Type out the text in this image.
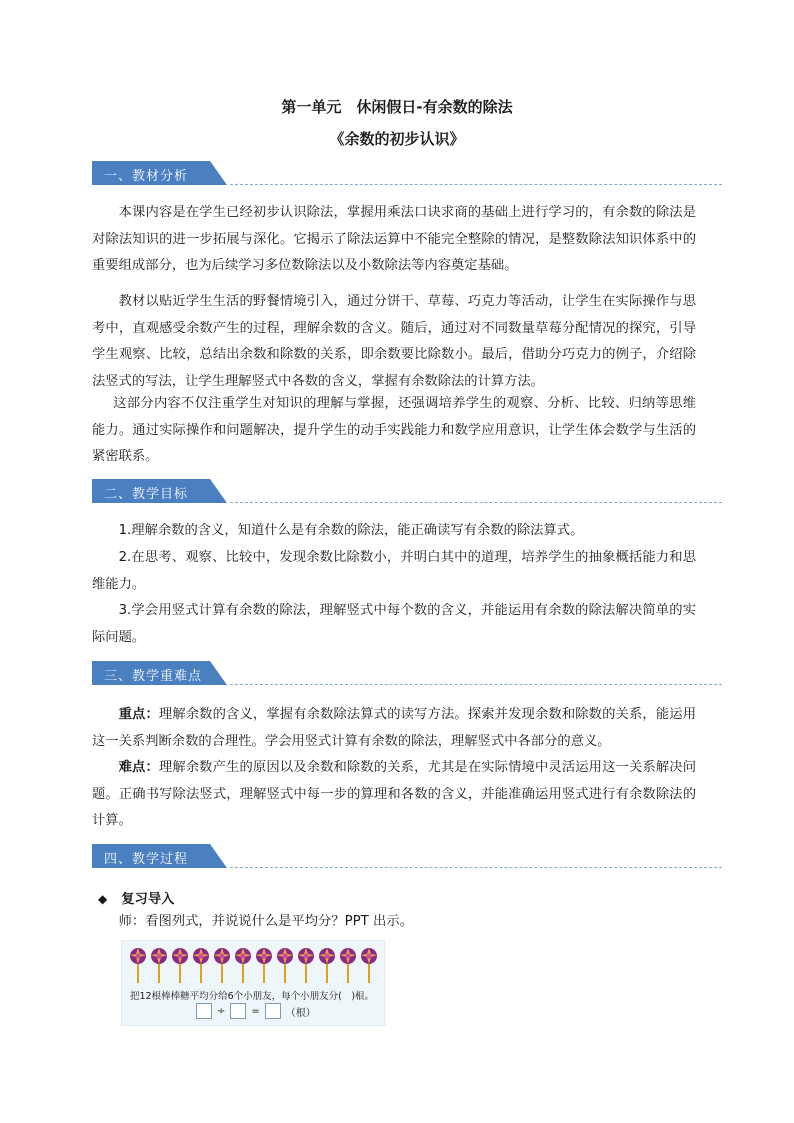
第一单元　休闲假日-有余数的除法
《余数的初步认识》
一、教材分析

本课内容是在学生已经初步认识除法，掌握用乘法口诀求商的基础上进行学习的，有余数的除法是对除法知识的进一步拓展与深化。它揭示了除法运算中不能完全整除的情况，是整数除法知识体系中的重要组成部分，也为后续学习多位数除法以及小数除法等内容奠定基础。

教材以贴近学生生活的野餐情境引入，通过分饼干、草莓、巧克力等活动，让学生在实际操作与思考中，直观感受余数产生的过程，理解余数的含义。随后，通过对不同数量草莓分配情况的探究，引导学生观察、比较，总结出余数和除数的关系，即余数要比除数小。最后，借助分巧克力的例子，介绍除法竖式的写法，让学生理解竖式中各数的含义，掌握有余数除法的计算方法。

这部分内容不仅注重学生对知识的理解与掌握，还强调培养学生的观察、分析、比较、归纳等思维能力。通过实际操作和问题解决，提升学生的动手实践能力和数学应用意识，让学生体会数学与生活的紧密联系。

二、教学目标

1.理解余数的含义，知道什么是有余数的除法，能正确读写有余数的除法算式。

2.在思考、观察、比较中，发现余数比除数小，并明白其中的道理，培养学生的抽象概括能力和思维能力。

3.学会用竖式计算有余数的除法，理解竖式中每个数的含义，并能运用有余数的除法解决简单的实际问题。

三、教学重难点

重点：理解余数的含义，掌握有余数除法算式的读写方法。探索并发现余数和除数的关系，能运用这一关系判断余数的合理性。学会用竖式计算有余数的除法，理解竖式中各部分的意义。

难点：理解余数产生的原因以及余数和除数的关系，尤其是在实际情境中灵活运用这一关系解决问题。正确书写除法竖式，理解竖式中每一步的算理和各数的含义，并能准确运用竖式进行有余数除法的计算。

四、教学过程
◆ 复习导入

师：看图列式，并说说什么是平均分？PPT 出示。

把12根棒棒糖平均分给6个小朋友，每个小朋友分(　)根。
÷	=	（根）
